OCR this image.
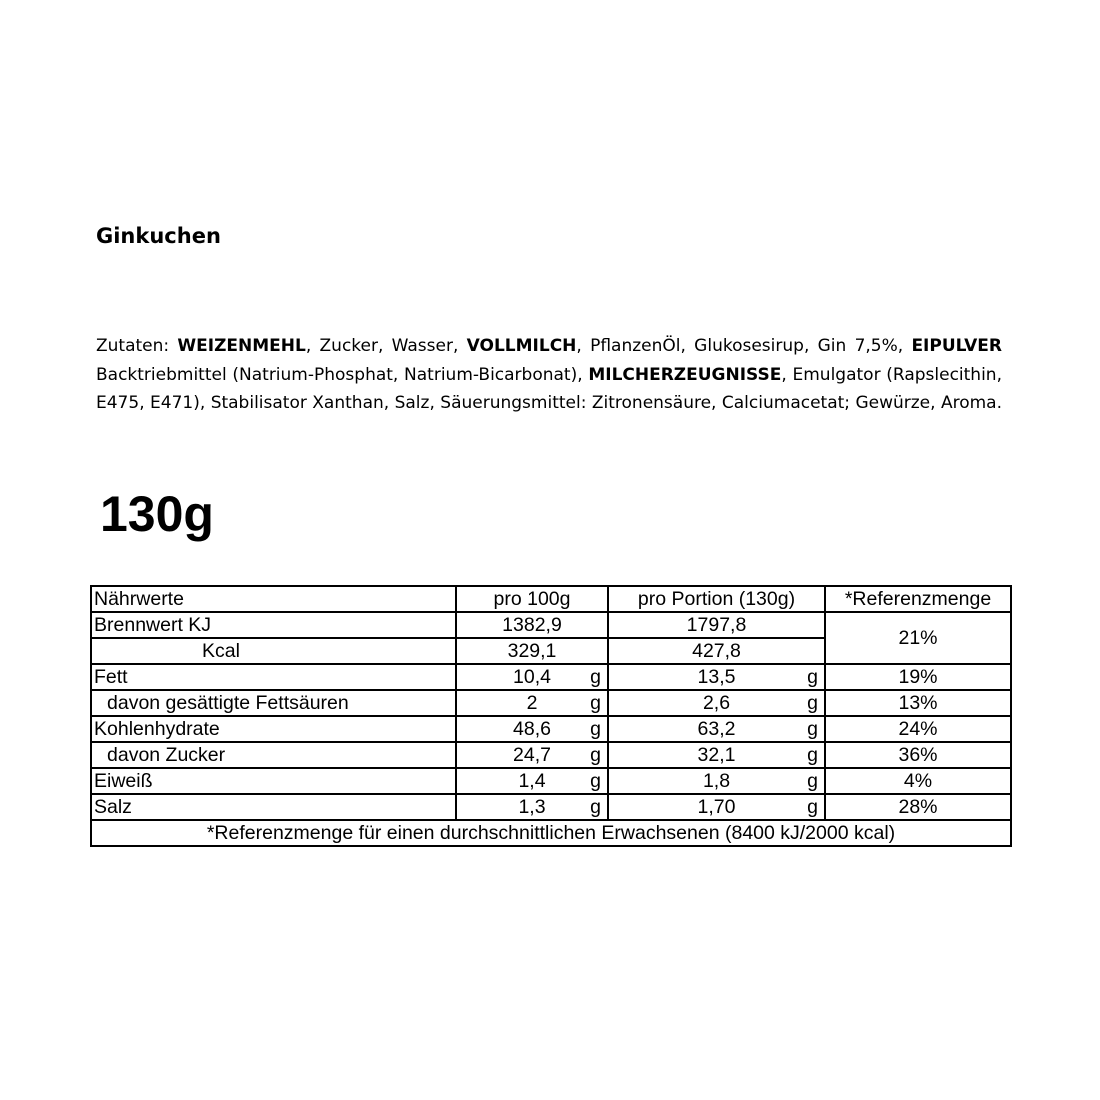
Ginkuchen
Zutaten: WEIZENMEHL, Zucker, Wasser, VOLLMILCH, PflanzenÖl, Glukosesirup, Gin 7,5%, EIPULVER
Backtriebmittel (Natrium-Phosphat, Natrium-Bicarbonat), MILCHERZEUGNISSE, Emulgator (Rapslecithin,
E475, E471), Stabilisator Xanthan, Salz, Säuerungsmittel: Zitronensäure, Calciumacetat; Gewürze, Aroma.
130g
Nährwerte	pro 100g	pro Portion (130g)	*Referenzmenge
Brennwert KJ	1382,9	1797,8	21%
Kcal	329,1	427,8	
Fett	10,4 g	13,5 g	19%
davon gesättigte Fettsäuren	2 g	2,6 g	13%
Kohlenhydrate	48,6 g	63,2 g	24%
davon Zucker	24,7 g	32,1 g	36%
Eiweiß	1,4 g	1,8 g	4%
Salz	1,3 g	1,70 g	28%
*Referenzmenge für einen durchschnittlichen Erwachsenen (8400 kJ/2000 kcal)			
